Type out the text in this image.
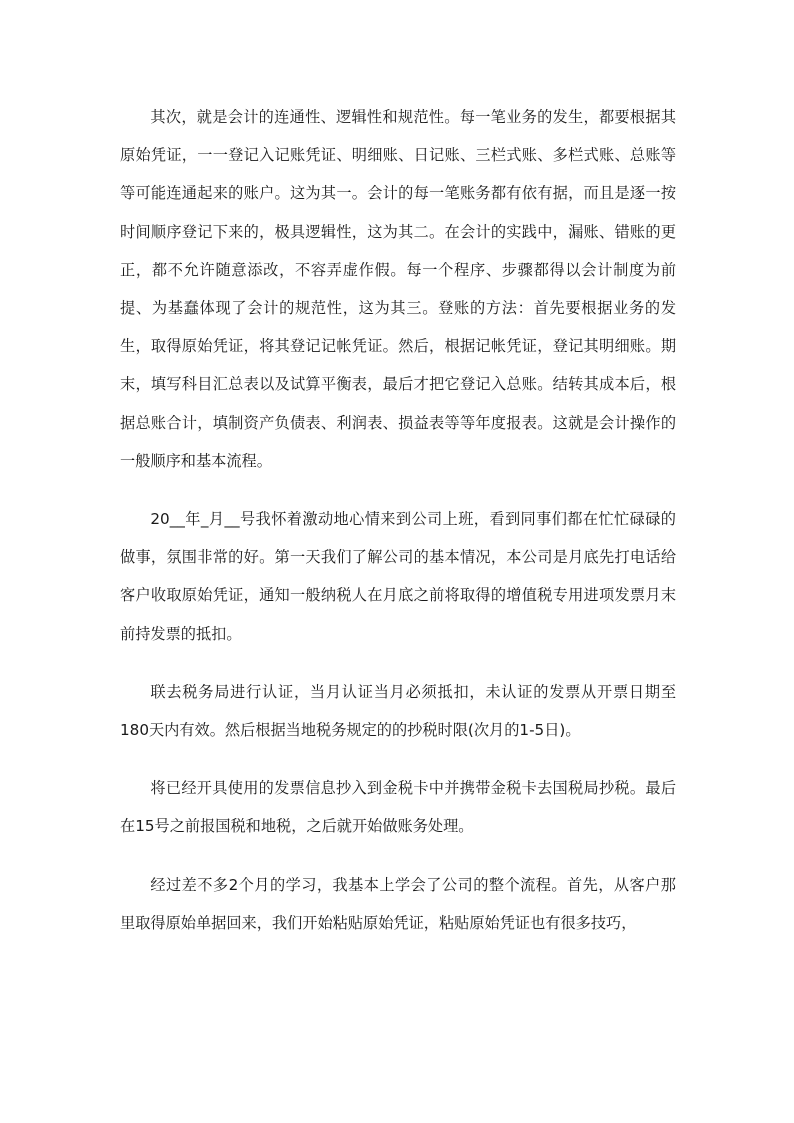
其次，就是会计的连通性、逻辑性和规范性。每一笔业务的发生，都要根据其原始凭证，一一登记入记账凭证、明细账、日记账、三栏式账、多栏式账、总账等等可能连通起来的账户。这为其一。会计的每一笔账务都有依有据，而且是逐一按时间顺序登记下来的，极具逻辑性，这为其二。在会计的实践中，漏账、错账的更正，都不允许随意添改，不容弄虚作假。每一个程序、步骤都得以会计制度为前提、为基蠢体现了会计的规范性，这为其三。登账的方法：首先要根据业务的发生，取得原始凭证，将其登记记帐凭证。然后，根据记帐凭证，登记其明细账。期末，填写科目汇总表以及试算平衡表，最后才把它登记入总账。结转其成本后，根据总账合计，填制资产负债表、利润表、损益表等等年度报表。这就是会计操作的一般顺序和基本流程。

20__年_月__号我怀着激动地心情来到公司上班，看到同事们都在忙忙碌碌的做事，氛围非常的好。第一天我们了解公司的基本情况，本公司是月底先打电话给客户收取原始凭证，通知一般纳税人在月底之前将取得的增值税专用进项发票月末前持发票的抵扣。

联去税务局进行认证，当月认证当月必须抵扣，未认证的发票从开票日期至180天内有效。然后根据当地税务规定的的抄税时限(次月的1-5日)。

将已经开具使用的发票信息抄入到金税卡中并携带金税卡去国税局抄税。最后在15号之前报国税和地税，之后就开始做账务处理。

经过差不多2个月的学习，我基本上学会了公司的整个流程。首先，从客户那里取得原始单据回来，我们开始粘贴原始凭证，粘贴原始凭证也有很多技巧，
